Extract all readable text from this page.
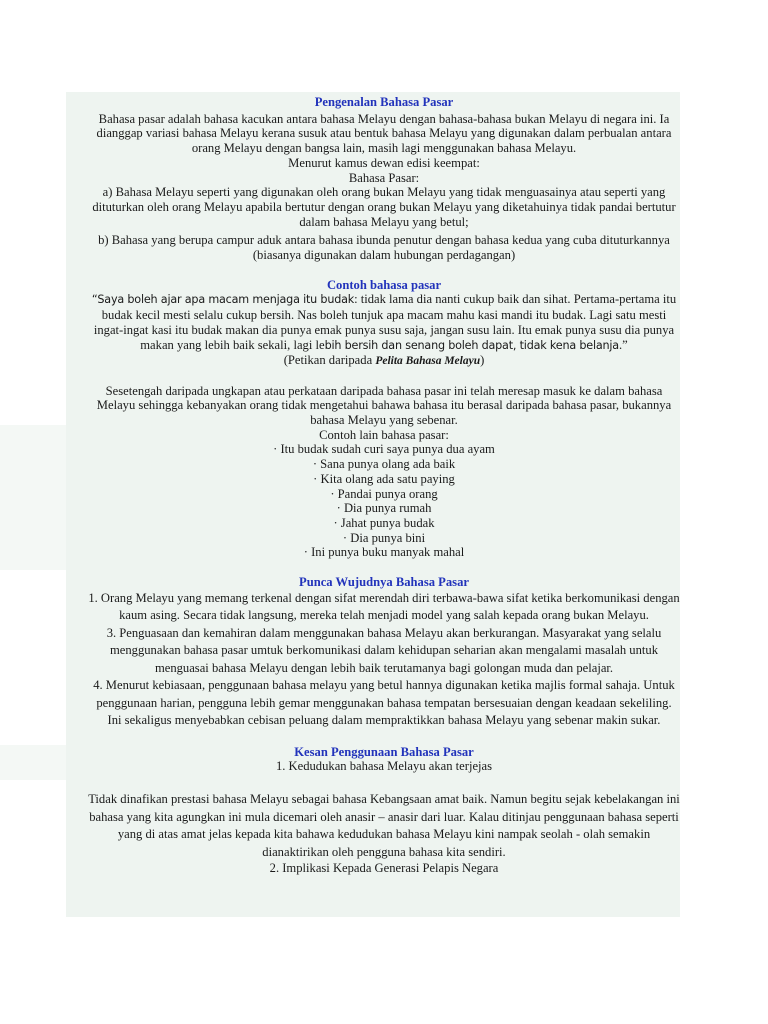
Pengenalan Bahasa Pasar

Bahasa pasar adalah bahasa kacukan antara bahasa Melayu dengan bahasa-bahasa bukan Melayu di negara ini. Ia dianggap variasi bahasa Melayu kerana susuk atau bentuk bahasa Melayu yang digunakan dalam perbualan antara orang Melayu dengan bangsa lain, masih lagi menggunakan bahasa Melayu.

Menurut kamus dewan edisi keempat:

Bahasa Pasar:

a) Bahasa Melayu seperti yang digunakan oleh orang bukan Melayu yang tidak menguasainya atau seperti yang dituturkan oleh orang Melayu apabila bertutur dengan orang bukan Melayu yang diketahuinya tidak pandai bertutur dalam bahasa Melayu yang betul;

b) Bahasa yang berupa campur aduk antara bahasa ibunda penutur dengan bahasa kedua yang cuba dituturkannya (biasanya digunakan dalam hubungan perdagangan)

Contoh bahasa pasar

“Saya boleh ajar apa macam menjaga itu budak: tidak lama dia nanti cukup baik dan sihat. Pertama-pertama itu budak kecil mesti selalu cukup bersih. Nas boleh tunjuk apa macam mahu kasi mandi itu budak. Lagi satu mesti ingat-ingat kasi itu budak makan dia punya emak punya susu saja, jangan susu lain. Itu emak punya susu dia punya makan yang lebih baik sekali, lagi lebih bersih dan senang boleh dapat, tidak kena belanja.”

(Petikan daripada Pelita Bahasa Melayu)

Sesetengah daripada ungkapan atau perkataan daripada bahasa pasar ini telah meresap masuk ke dalam bahasa Melayu sehingga kebanyakan orang tidak mengetahui bahawa bahasa itu berasal daripada bahasa pasar, bukannya bahasa Melayu yang sebenar.

Contoh lain bahasa pasar:

· Itu budak sudah curi saya punya dua ayam

· Sana punya olang ada baik

· Kita olang ada satu paying

· Pandai punya orang

· Dia punya rumah

· Jahat punya budak

· Dia punya bini

· Ini punya buku manyak mahal

Punca Wujudnya Bahasa Pasar

1. Orang Melayu yang memang terkenal dengan sifat merendah diri terbawa-bawa sifat ketika berkomunikasi dengan kaum asing. Secara tidak langsung, mereka telah menjadi model yang salah kepada orang bukan Melayu.

3. Penguasaan dan kemahiran dalam menggunakan bahasa Melayu akan berkurangan. Masyarakat yang selalu menggunakan bahasa pasar umtuk berkomunikasi dalam kehidupan seharian akan mengalami masalah untuk menguasai bahasa Melayu dengan lebih baik terutamanya bagi golongan muda dan pelajar.

4. Menurut kebiasaan, penggunaan bahasa melayu yang betul hannya digunakan ketika majlis formal sahaja. Untuk penggunaan harian, pengguna lebih gemar menggunakan bahasa tempatan bersesuaian dengan keadaan sekeliling. Ini sekaligus menyebabkan cebisan peluang dalam mempraktikkan bahasa Melayu yang sebenar makin sukar.

Kesan Penggunaan Bahasa Pasar

1. Kedudukan bahasa Melayu akan terjejas

Tidak dinafikan prestasi bahasa Melayu sebagai bahasa Kebangsaan amat baik. Namun begitu sejak kebelakangan ini bahasa yang kita agungkan ini mula dicemari oleh anasir – anasir dari luar. Kalau ditinjau penggunaan bahasa seperti yang di atas amat jelas kepada kita bahawa kedudukan bahasa Melayu kini nampak seolah - olah semakin dianaktirikan oleh pengguna bahasa kita sendiri.

2. Implikasi Kepada Generasi Pelapis Negara
